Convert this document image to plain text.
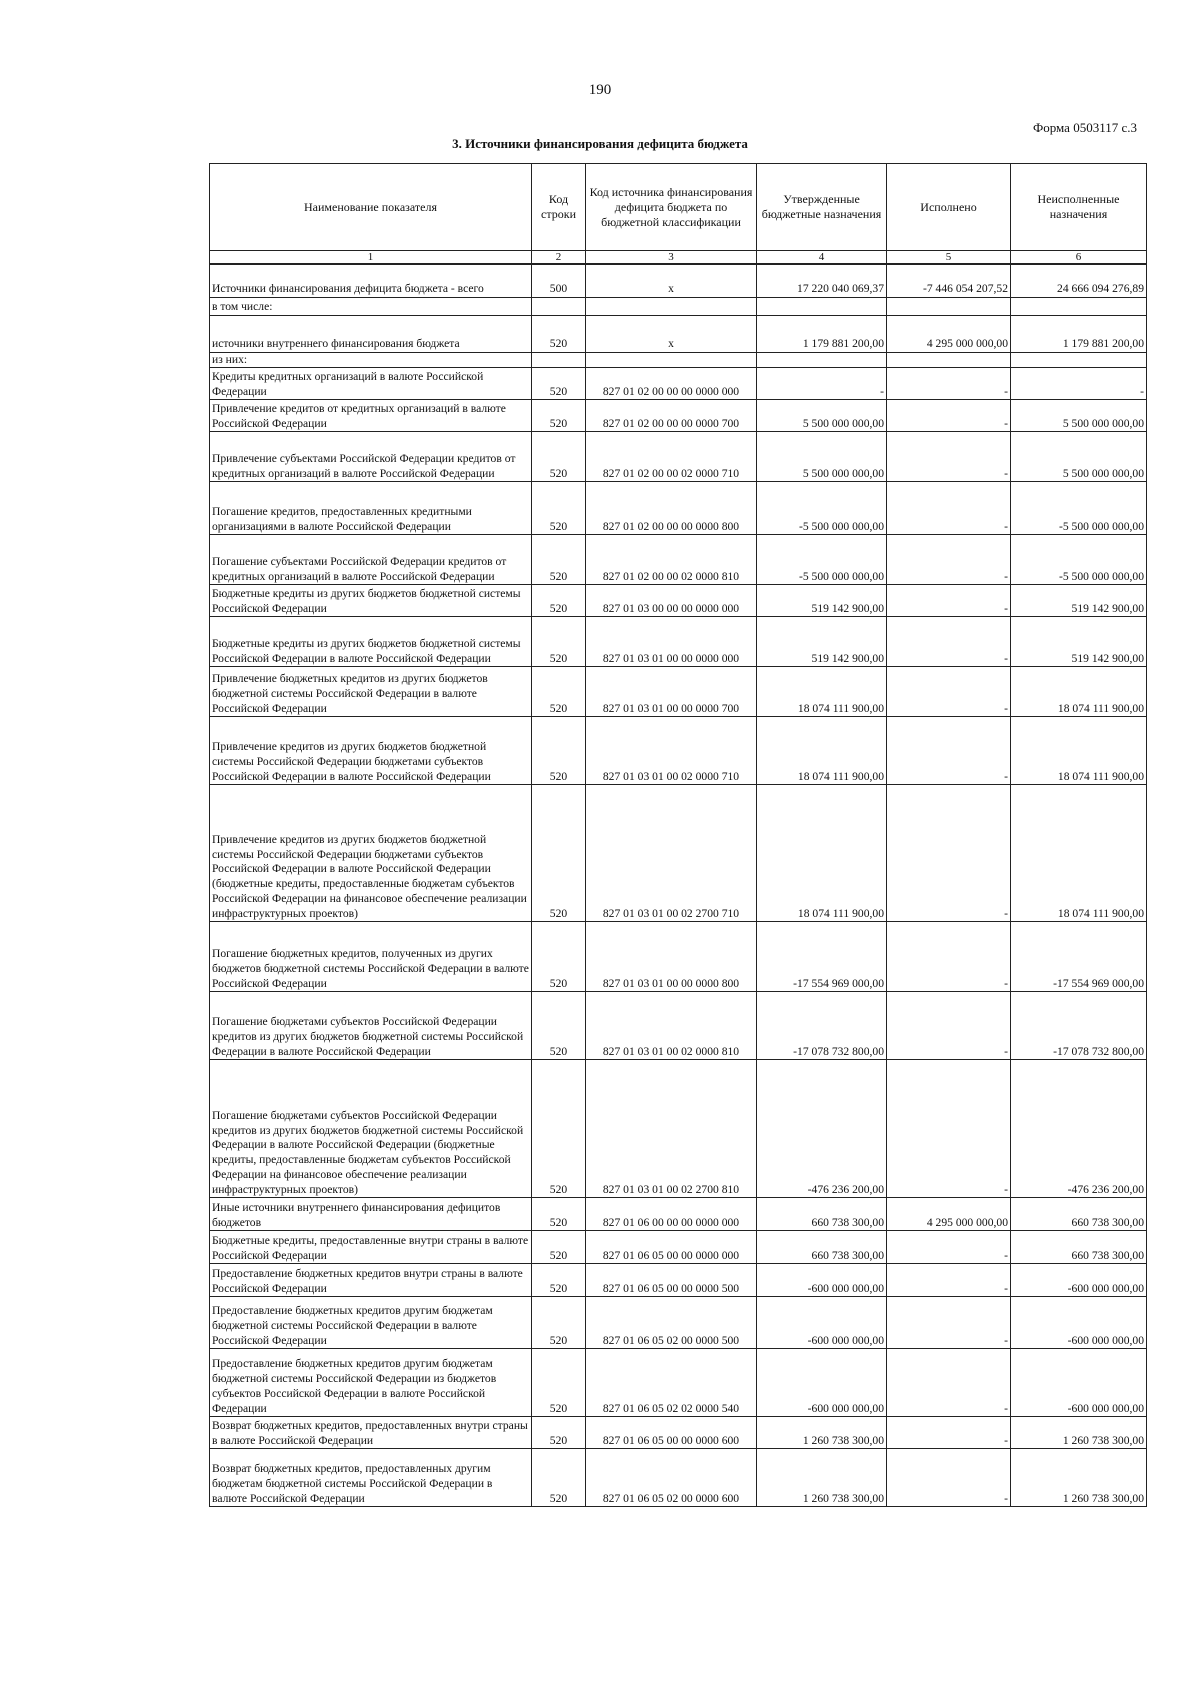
190
Форма 0503117 с.3
3. Источники финансирования дефицита бюджета
Наименование показателя	Код строки	Код источника финансирования дефицита бюджета по бюджетной классификации	Утвержденные бюджетные назначения	Исполнено	Неисполненные назначения
1	2	3	4	5	6
Источники финансирования дефицита бюджета - всего	500	x	17 220 040 069,37	-7 446 054 207,52	24 666 094 276,89
в том числе:					
источники внутреннего финансирования бюджета	520	x	1 179 881 200,00	4 295 000 000,00	1 179 881 200,00
из них:					
Кредиты кредитных организаций в валюте Российской Федерации	520	827 01 02 00 00 00 0000 000	-	-	-
Привлечение кредитов от кредитных организаций в валюте Российской Федерации	520	827 01 02 00 00 00 0000 700	5 500 000 000,00	-	5 500 000 000,00
Привлечение субъектами Российской Федерации кредитов от кредитных организаций в валюте Российской Федерации	520	827 01 02 00 00 02 0000 710	5 500 000 000,00	-	5 500 000 000,00
Погашение кредитов, предоставленных кредитными организациями в валюте Российской Федерации	520	827 01 02 00 00 00 0000 800	-5 500 000 000,00	-	-5 500 000 000,00
Погашение субъектами Российской Федерации кредитов от кредитных организаций в валюте Российской Федерации	520	827 01 02 00 00 02 0000 810	-5 500 000 000,00	-	-5 500 000 000,00
Бюджетные кредиты из других бюджетов бюджетной системы Российской Федерации	520	827 01 03 00 00 00 0000 000	519 142 900,00	-	519 142 900,00
Бюджетные кредиты из других бюджетов бюджетной системы Российской Федерации в валюте Российской Федерации	520	827 01 03 01 00 00 0000 000	519 142 900,00	-	519 142 900,00
Привлечение бюджетных кредитов из других бюджетов бюджетной системы Российской Федерации в валюте Российской Федерации	520	827 01 03 01 00 00 0000 700	18 074 111 900,00	-	18 074 111 900,00
Привлечение кредитов из других бюджетов бюджетной системы Российской Федерации бюджетами субъектов Российской Федерации в валюте Российской Федерации	520	827 01 03 01 00 02 0000 710	18 074 111 900,00	-	18 074 111 900,00
Привлечение кредитов из других бюджетов бюджетной системы Российской Федерации бюджетами субъектов Российской Федерации в валюте Российской Федерации (бюджетные кредиты, предоставленные бюджетам субъектов Российской Федерации на финансовое обеспечение реализации инфраструктурных проектов)	520	827 01 03 01 00 02 2700 710	18 074 111 900,00	-	18 074 111 900,00
Погашение бюджетных кредитов, полученных из других бюджетов бюджетной системы Российской Федерации в валюте Российской Федерации	520	827 01 03 01 00 00 0000 800	-17 554 969 000,00	-	-17 554 969 000,00
Погашение бюджетами субъектов Российской Федерации кредитов из других бюджетов бюджетной системы Российской Федерации в валюте Российской Федерации	520	827 01 03 01 00 02 0000 810	-17 078 732 800,00	-	-17 078 732 800,00
Погашение бюджетами субъектов Российской Федерации кредитов из других бюджетов бюджетной системы Российской Федерации в валюте Российской Федерации (бюджетные кредиты, предоставленные бюджетам субъектов Российской Федерации на финансовое обеспечение реализации инфраструктурных проектов)	520	827 01 03 01 00 02 2700 810	-476 236 200,00	-	-476 236 200,00
Иные источники внутреннего финансирования дефицитов бюджетов	520	827 01 06 00 00 00 0000 000	660 738 300,00	4 295 000 000,00	660 738 300,00
Бюджетные кредиты, предоставленные внутри страны в валюте Российской Федерации	520	827 01 06 05 00 00 0000 000	660 738 300,00	-	660 738 300,00
Предоставление бюджетных кредитов внутри страны в валюте Российской Федерации	520	827 01 06 05 00 00 0000 500	-600 000 000,00	-	-600 000 000,00
Предоставление бюджетных кредитов другим бюджетам бюджетной системы Российской Федерации в валюте Российской Федерации	520	827 01 06 05 02 00 0000 500	-600 000 000,00	-	-600 000 000,00
Предоставление бюджетных кредитов другим бюджетам бюджетной системы Российской Федерации из бюджетов субъектов Российской Федерации в валюте Российской Федерации	520	827 01 06 05 02 02 0000 540	-600 000 000,00	-	-600 000 000,00
Возврат бюджетных кредитов, предоставленных внутри страны в валюте Российской Федерации	520	827 01 06 05 00 00 0000 600	1 260 738 300,00	-	1 260 738 300,00
Возврат бюджетных кредитов, предоставленных другим бюджетам бюджетной системы Российской Федерации в валюте Российской Федерации	520	827 01 06 05 02 00 0000 600	1 260 738 300,00	-	1 260 738 300,00
